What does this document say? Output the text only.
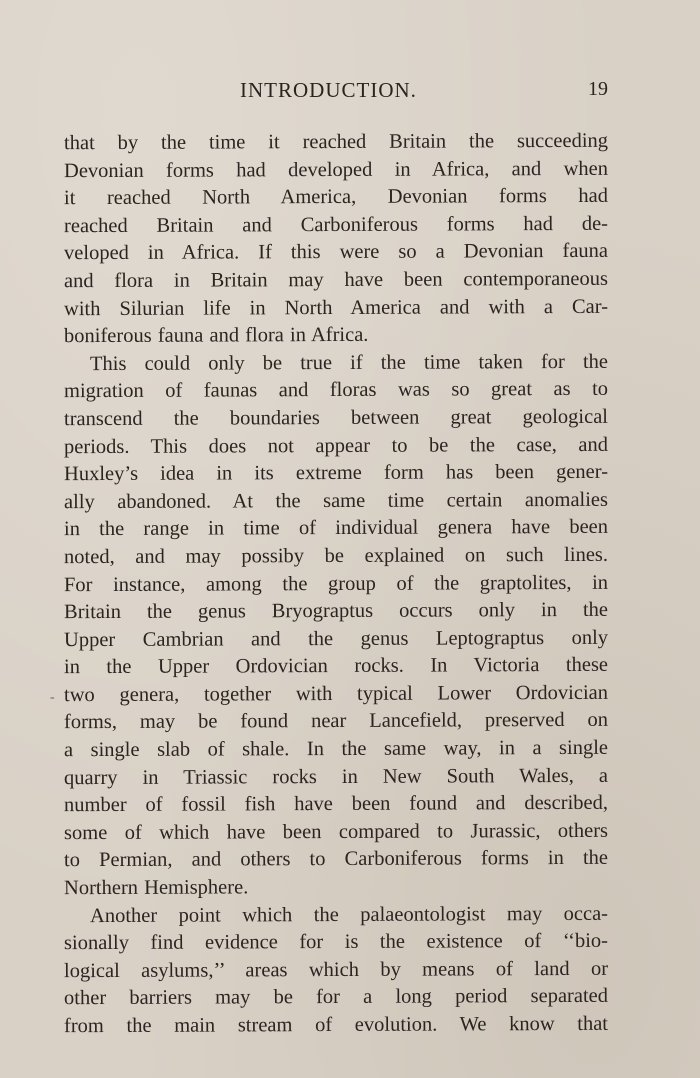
INTRODUCTION.	19
-
that by the time it reached Britain the succeeding
Devonian forms had developed in Africa, and when
it reached North America, Devonian forms had
reached Britain and Carboniferous forms had de-
veloped in Africa. If this were so a Devonian fauna
and flora in Britain may have been contemporaneous
with Silurian life in North America and with a Car-
boniferous fauna and flora in Africa.
This could only be true if the time taken for the
migration of faunas and floras was so great as to
transcend the boundaries between great geological
periods. This does not appear to be the case, and
Huxley’s idea in its extreme form has been gener-
ally abandoned. At the same time certain anomalies
in the range in time of individual genera have been
noted, and may possiby be explained on such lines.
For instance, among the group of the graptolites, in
Britain the genus Bryograptus occurs only in the
Upper Cambrian and the genus Leptograptus only
in the Upper Ordovician rocks. In Victoria these
two genera, together with typical Lower Ordovician
forms, may be found near Lancefield, preserved on
a single slab of shale. In the same way, in a single
quarry in Triassic rocks in New South Wales, a
number of fossil fish have been found and described,
some of which have been compared to Jurassic, others
to Permian, and others to Carboniferous forms in the
Northern Hemisphere.
Another point which the palaeontologist may occa-
sionally find evidence for is the existence of ‘‘bio-
logical asylums,’’ areas which by means of land or
other barriers may be for a long period separated
from the main stream of evolution. We know that
